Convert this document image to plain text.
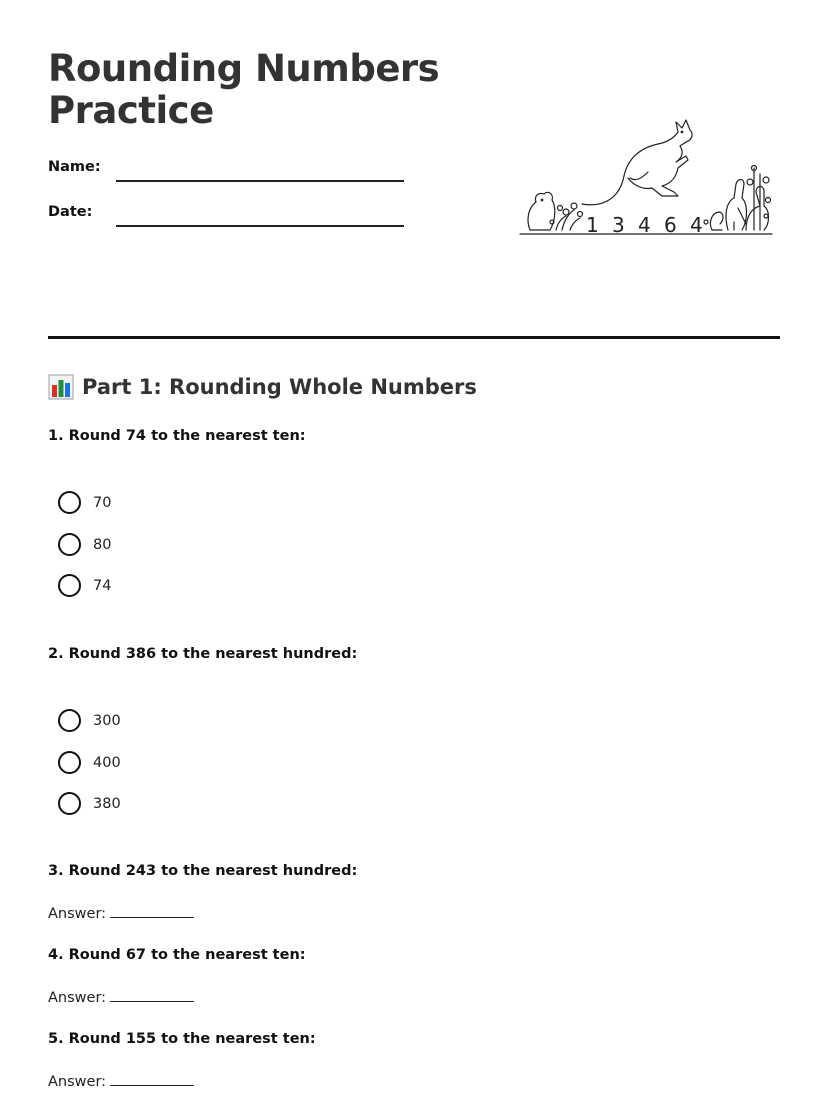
Rounding Numbers
Practice
Name:
Date:
1 3 4 6 4
Part 1: Rounding Whole Numbers

1. Round 74 to the nearest ten:

70
80
74

2. Round 386 to the nearest hundred:

300
400
380

3. Round 243 to the nearest hundred:

Answer:

4. Round 67 to the nearest ten:

Answer:

5. Round 155 to the nearest ten:

Answer:
